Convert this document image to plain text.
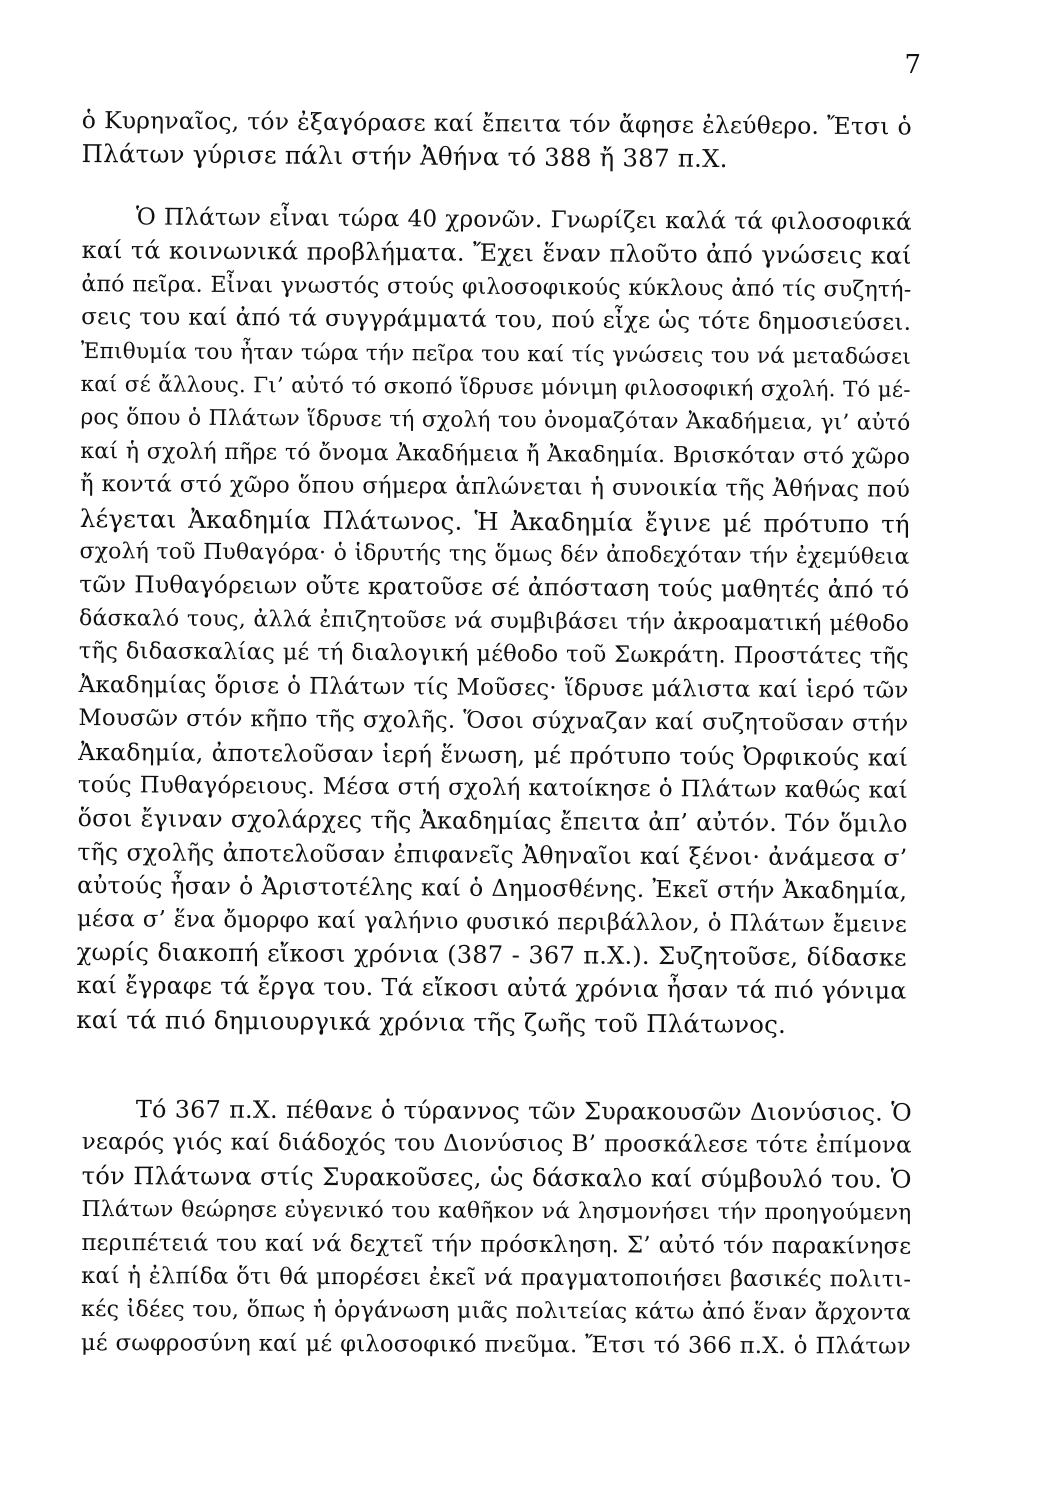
7
ὁ Κυρηναῖος, τόν ἐξαγόρασε καί ἔπειτα τόν ἄφησε ἐλεύθερο. Ἔτσι ὁ
Πλάτων γύρισε πάλι στήν Ἀθήνα τό 388 ἤ 387 π.Χ.
Ὁ Πλάτων εἶναι τώρα 40 χρονῶν. Γνωρίζει καλά τά φιλοσοφικά
καί τά κοινωνικά προβλήματα. Ἔχει ἕναν πλοῦτο ἀπό γνώσεις καί
ἀπό πεῖρα. Εἶναι γνωστός στούς φιλοσοφικούς κύκλους ἀπό τίς συζητή-
σεις του καί ἀπό τά συγγράμματά του, πού εἶχε ὡς τότε δημοσιεύσει.
Ἐπιθυμία του ἦταν τώρα τήν πεῖρα του καί τίς γνώσεις του νά μεταδώσει
καί σέ ἄλλους. Γι’ αὐτό τό σκοπό ἵδρυσε μόνιμη φιλοσοφική σχολή. Τό μέ-
ρος ὅπου ὁ Πλάτων ἵδρυσε τή σχολή του ὀνομαζόταν Ἀκαδήμεια, γι’ αὐτό
καί ἡ σχολή πῆρε τό ὄνομα Ἀκαδήμεια ἤ Ἀκαδημία. Βρισκόταν στό χῶρο
ἤ κοντά στό χῶρο ὅπου σήμερα ἁπλώνεται ἡ συνοικία τῆς Ἀθήνας πού
λέγεται Ἀκαδημία Πλάτωνος. Ἡ Ἀκαδημία ἔγινε μέ πρότυπο τή
σχολή τοῦ Πυθαγόρα· ὁ ἱδρυτής της ὅμως δέν ἀποδεχόταν τήν ἐχεμύθεια
τῶν Πυθαγόρειων οὔτε κρατοῦσε σέ ἀπόσταση τούς μαθητές ἀπό τό
δάσκαλό τους, ἀλλά ἐπιζητοῦσε νά συμβιβάσει τήν ἀκροαματική μέθοδο
τῆς διδασκαλίας μέ τή διαλογική μέθοδο τοῦ Σωκράτη. Προστάτες τῆς
Ἀκαδημίας ὅρισε ὁ Πλάτων τίς Μοῦσες· ἵδρυσε μάλιστα καί ἱερό τῶν
Μουσῶν στόν κῆπο τῆς σχολῆς. Ὅσοι σύχναζαν καί συζητοῦσαν στήν
Ἀκαδημία, ἀποτελοῦσαν ἱερή ἕνωση, μέ πρότυπο τούς Ὀρφικούς καί
τούς Πυθαγόρειους. Μέσα στή σχολή κατοίκησε ὁ Πλάτων καθώς καί
ὅσοι ἔγιναν σχολάρχες τῆς Ἀκαδημίας ἔπειτα ἀπ’ αὐτόν. Τόν ὅμιλο
τῆς σχολῆς ἀποτελοῦσαν ἐπιφανεῖς Ἀθηναῖοι καί ξένοι· ἀνάμεσα σ’
αὐτούς ἦσαν ὁ Ἀριστοτέλης καί ὁ Δημοσθένης. Ἐκεῖ στήν Ἀκαδημία,
μέσα σ’ ἕνα ὄμορφο καί γαλήνιο φυσικό περιβάλλον, ὁ Πλάτων ἔμεινε
χωρίς διακοπή εἴκοσι χρόνια (387 - 367 π.Χ.). Συζητοῦσε, δίδασκε
καί ἔγραφε τά ἔργα του. Τά εἴκοσι αὐτά χρόνια ἦσαν τά πιό γόνιμα
καί τά πιό δημιουργικά χρόνια τῆς ζωῆς τοῦ Πλάτωνος.
Τό 367 π.Χ. πέθανε ὁ τύραννος τῶν Συρακουσῶν Διονύσιος. Ὁ
νεαρός γιός καί διάδοχός του Διονύσιος Β’ προσκάλεσε τότε ἐπίμονα
τόν Πλάτωνα στίς Συρακοῦσες, ὡς δάσκαλο καί σύμβουλό του. Ὁ
Πλάτων θεώρησε εὐγενικό του καθῆκον νά λησμονήσει τήν προηγούμενη
περιπέτειά του καί νά δεχτεῖ τήν πρόσκληση. Σ’ αὐτό τόν παρακίνησε
καί ἡ ἐλπίδα ὅτι θά μπορέσει ἐκεῖ νά πραγματοποιήσει βασικές πολιτι-
κές ἰδέες του, ὅπως ἡ ὀργάνωση μιᾶς πολιτείας κάτω ἀπό ἕναν ἄρχοντα
μέ σωφροσύνη καί μέ φιλοσοφικό πνεῦμα. Ἔτσι τό 366 π.Χ. ὁ Πλάτων
